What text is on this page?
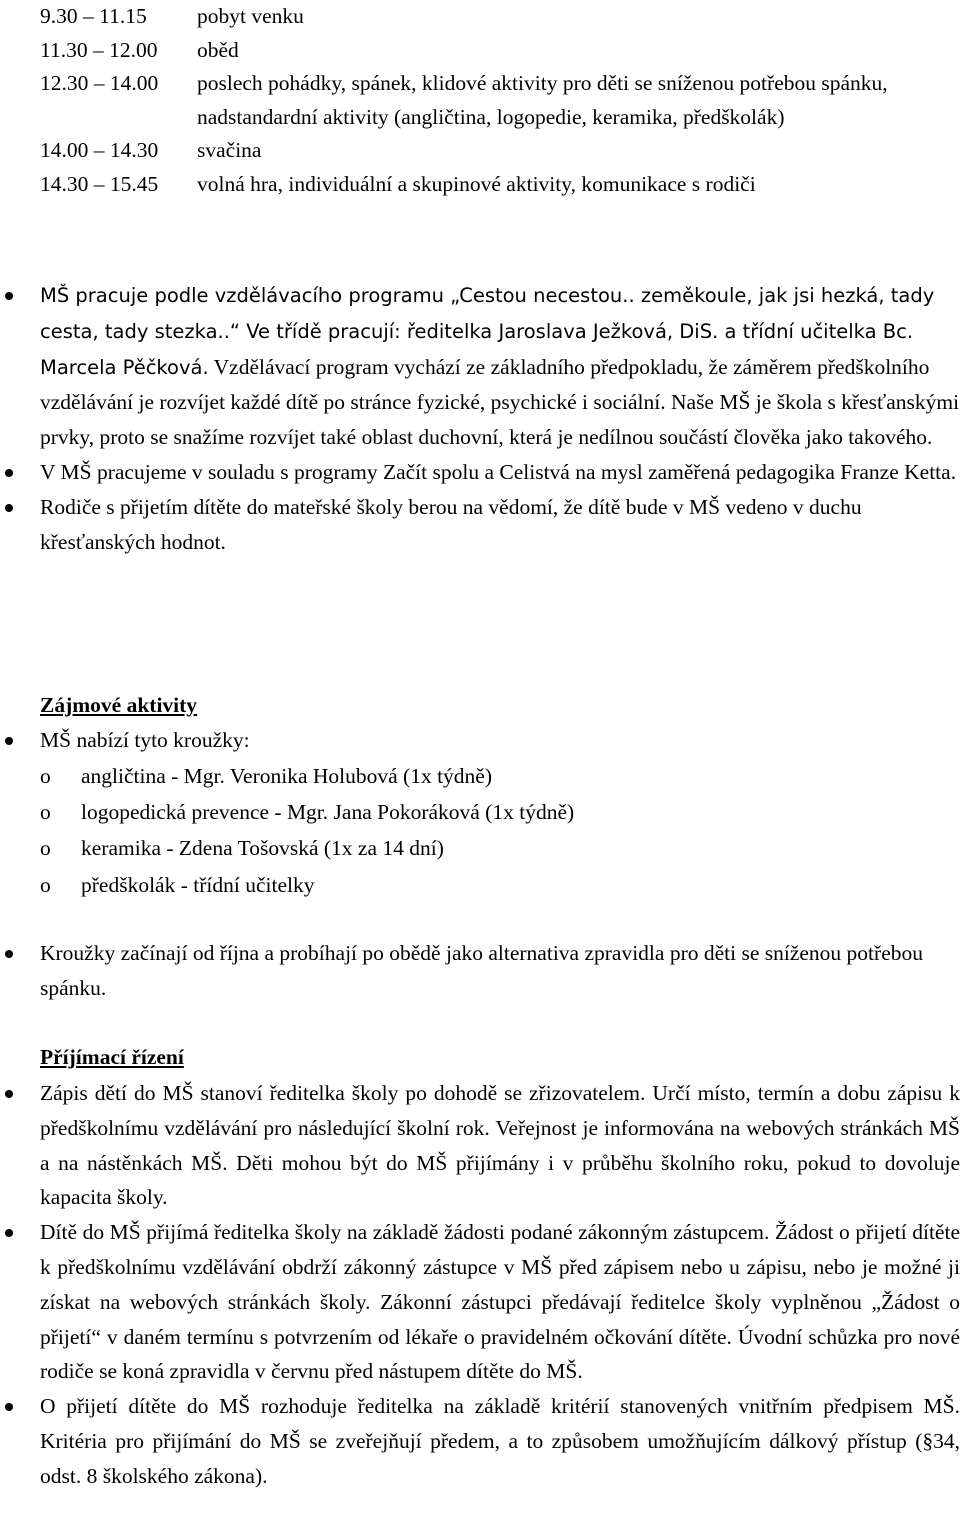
9.30 – 11.15	pobyt venku
11.30 – 12.00	oběd
12.30 – 14.00	poslech pohádky, spánek, klidové aktivity pro děti se sníženou potřebou spánku, nadstandardní aktivity (angličtina, logopedie, keramika, předškolák)
14.00 – 14.30	svačina
14.30 – 15.45	volná hra, individuální a skupinové aktivity, komunikace s rodiči
MŠ pracuje podle vzdělávacího programu „Cestou necestou.. zeměkoule, jak jsi hezká, tady cesta, tady stezka..“ Ve třídě pracují: ředitelka Jaroslava Ježková, DiS. a třídní učitelka Bc. Marcela Pěčková. Vzdělávací program vychází ze základního předpokladu, že záměrem předškolního vzdělávání je rozvíjet každé dítě po stránce fyzické, psychické i sociální. Naše MŠ je škola s křesťanskými prvky, proto se snažíme rozvíjet také oblast duchovní, která je nedílnou součástí člověka jako takového.
V MŠ pracujeme v souladu s programy Začít spolu a Celistvá na mysl zaměřená pedagogika Franze Ketta.
Rodiče s přijetím dítěte do mateřské školy berou na vědomí, že dítě bude v MŠ vedeno v duchu křesťanských hodnot.
Zájmové aktivity
MŠ nabízí tyto kroužky:
o angličtina - Mgr. Veronika Holubová (1x týdně)
o logopedická prevence - Mgr. Jana Pokoráková (1x týdně)
o keramika - Zdena Tošovská (1x za 14 dní)
o předškolák - třídní učitelky
Kroužky začínají od října a probíhají po obědě jako alternativa zpravidla pro děti se sníženou potřebou spánku.
Příjímací řízení
Zápis dětí do MŠ stanoví ředitelka školy po dohodě se zřizovatelem. Určí místo, termín a dobu zápisu k předškolnímu vzdělávání pro následující školní rok. Veřejnost je informována na webových stránkách MŠ a na nástěnkách MŠ. Děti mohou být do MŠ přijímány i v průběhu školního roku, pokud to dovoluje kapacita školy.
Dítě do MŠ přijímá ředitelka školy na základě žádosti podané zákonným zástupcem. Žádost o přijetí dítěte k předškolnímu vzdělávání obdrží zákonný zástupce v MŠ před zápisem nebo u zápisu, nebo je možné ji získat na webových stránkách školy. Zákonní zástupci předávají ředitelce školy vyplněnou „Žádost o přijetí“ v daném termínu s potvrzením od lékaře o pravidelném očkování dítěte. Úvodní schůzka pro nové rodiče se koná zpravidla v červnu před nástupem dítěte do MŠ.
O přijetí dítěte do MŠ rozhoduje ředitelka na základě kritérií stanovených vnitřním předpisem MŠ. Kritéria pro přijímání do MŠ se zveřejňují předem, a to způsobem umožňujícím dálkový přístup (§34, odst. 8 školského zákona).
